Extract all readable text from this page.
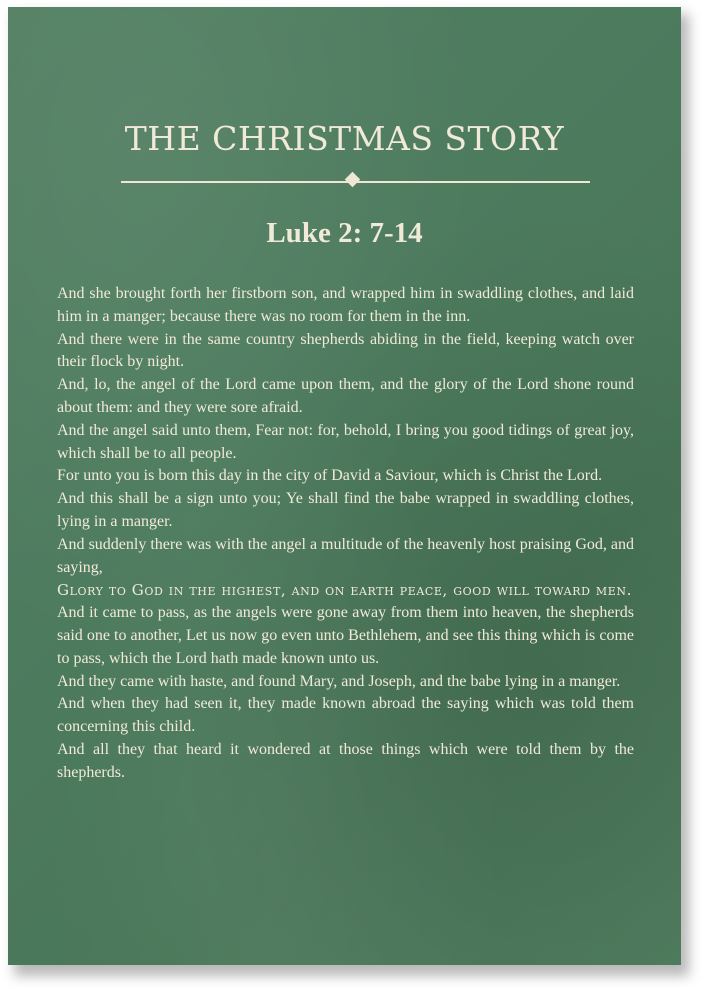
THE CHRISTMAS STORY
Luke 2: 7-14

And she brought forth her firstborn son, and wrapped him in swaddling clothes, and laid him in a manger; because there was no room for them in the inn.

And there were in the same country shepherds abiding in the field, keeping watch over their flock by night.

And, lo, the angel of the Lord came upon them, and the glory of the Lord shone round about them: and they were sore afraid.

And the angel said unto them, Fear not: for, behold, I bring you good tidings of great joy, which shall be to all people.

For unto you is born this day in the city of David a Saviour, which is Christ the Lord.

And this shall be a sign unto you; Ye shall find the babe wrapped in swaddling clothes, lying in a manger.

And suddenly there was with the angel a multitude of the heavenly host praising God, and saying,

Glory to God in the highest, and on earth peace, good will toward men.

And it came to pass, as the angels were gone away from them into heaven, the shepherds said one to another, Let us now go even unto Bethlehem, and see this thing which is come to pass, which the Lord hath made known unto us.

And they came with haste, and found Mary, and Joseph, and the babe lying in a manger.

And when they had seen it, they made known abroad the saying which was told them concerning this child.

And all they that heard it wondered at those things which were told them by the shepherds.
